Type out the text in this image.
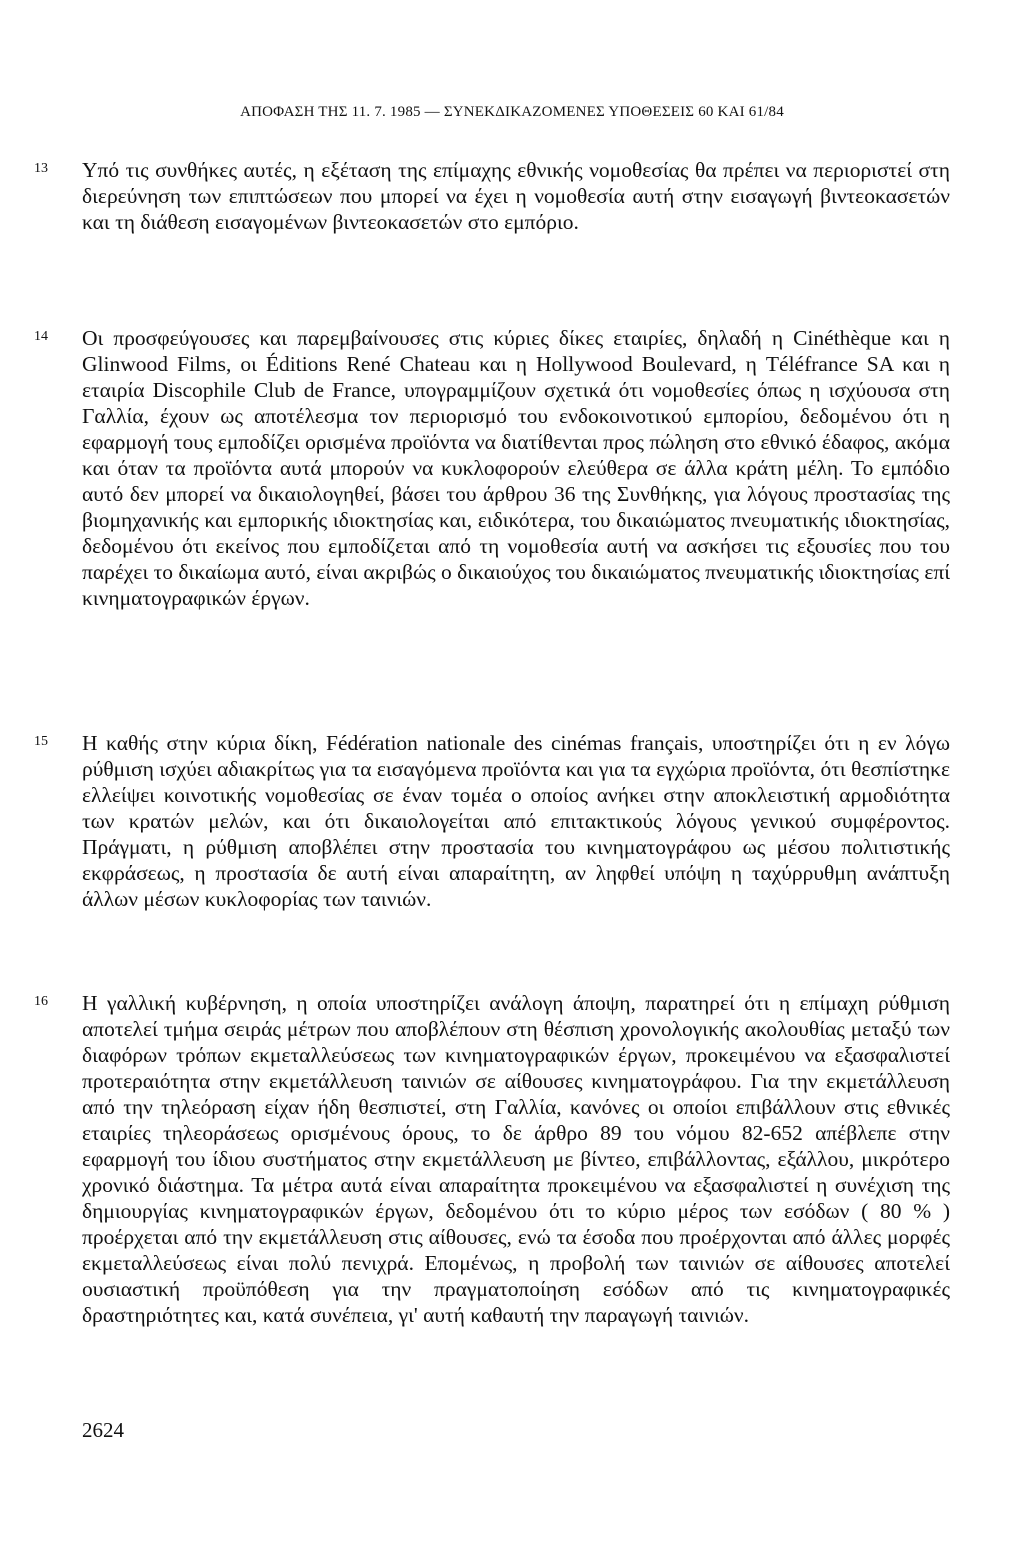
ΑΠΟΦΑΣΗ ΤΗΣ 11. 7. 1985 — ΣΥΝΕΚΔΙΚΑΖΟΜΕΝΕΣ ΥΠΟΘΕΣΕΙΣ 60 ΚΑΙ 61/84
13 Υπό τις συνθήκες αυτές, η εξέταση της επίμαχης εθνικής νομοθεσίας θα πρέπει να περιοριστεί στη διερεύνηση των επιπτώσεων που μπορεί να έχει η νομοθεσία αυτή στην εισαγωγή βιντεοκασετών και τη διάθεση εισαγομένων βιντεοκασετών στο εμπόριο.
14 Οι προσφεύγουσες και παρεμβαίνουσες στις κύριες δίκες εταιρίες, δηλαδή η Cinéthèque και η Glinwood Films, οι Éditions René Chateau και η Hollywood Boulevard, η Téléfrance SA και η εταιρία Discophile Club de France, υπογραμμίζουν σχετικά ότι νομοθεσίες όπως η ισχύουσα στη Γαλλία, έχουν ως αποτέλεσμα τον περιορισμό του ενδοκοινοτικού εμπορίου, δεδομένου ότι η εφαρμογή τους εμποδίζει ορισμένα προϊόντα να διατίθενται προς πώληση στο εθνικό έδαφος, ακόμα και όταν τα προϊόντα αυτά μπορούν να κυκλοφορούν ελεύθερα σε άλλα κράτη μέλη. Το εμπόδιο αυτό δεν μπορεί να δικαιολογηθεί, βάσει του άρθρου 36 της Συνθήκης, για λόγους προστασίας της βιομηχανικής και εμπορικής ιδιοκτησίας και, ειδικότερα, του δικαιώματος πνευματικής ιδιοκτησίας, δεδομένου ότι εκείνος που εμποδίζεται από τη νομοθεσία αυτή να ασκήσει τις εξουσίες που του παρέχει το δικαίωμα αυτό, είναι ακριβώς ο δικαιούχος του δικαιώματος πνευματικής ιδιοκτησίας επί κινηματογραφικών έργων.
15 Η καθής στην κύρια δίκη, Fédération nationale des cinémas français, υποστηρίζει ότι η εν λόγω ρύθμιση ισχύει αδιακρίτως για τα εισαγόμενα προϊόντα και για τα εγχώρια προϊόντα, ότι θεσπίστηκε ελλείψει κοινοτικής νομοθεσίας σε έναν τομέα ο οποίος ανήκει στην αποκλειστική αρμοδιότητα των κρατών μελών, και ότι δικαιολογείται από επιτακτικούς λόγους γενικού συμφέροντος. Πράγματι, η ρύθμιση αποβλέπει στην προστασία του κινηματογράφου ως μέσου πολιτιστικής εκφράσεως, η προστασία δε αυτή είναι απαραίτητη, αν ληφθεί υπόψη η ταχύρρυθμη ανάπτυξη άλλων μέσων κυκλοφορίας των ταινιών.
16 Η γαλλική κυβέρνηση, η οποία υποστηρίζει ανάλογη άποψη, παρατηρεί ότι η επίμαχη ρύθμιση αποτελεί τμήμα σειράς μέτρων που αποβλέπουν στη θέσπιση χρονολογικής ακολουθίας μεταξύ των διαφόρων τρόπων εκμεταλλεύσεως των κινηματογραφικών έργων, προκειμένου να εξασφαλιστεί προτεραιότητα στην εκμετάλλευση ταινιών σε αίθουσες κινηματογράφου. Για την εκμετάλλευση από την τηλεόραση είχαν ήδη θεσπιστεί, στη Γαλλία, κανόνες οι οποίοι επιβάλλουν στις εθνικές εταιρίες τηλεοράσεως ορισμένους όρους, το δε άρθρο 89 του νόμου 82-652 απέβλεπε στην εφαρμογή του ίδιου συστήματος στην εκμετάλλευση με βίντεο, επιβάλλοντας, εξάλλου, μικρότερο χρονικό διάστημα. Τα μέτρα αυτά είναι απαραίτητα προκειμένου να εξασφαλιστεί η συνέχιση της δημιουργίας κινηματογραφικών έργων, δεδομένου ότι το κύριο μέρος των εσόδων ( 80 % ) προέρχεται από την εκμετάλλευση στις αίθουσες, ενώ τα έσοδα που προέρχονται από άλλες μορφές εκμεταλλεύσεως είναι πολύ πενιχρά. Επομένως, η προβολή των ταινιών σε αίθουσες αποτελεί ουσιαστική προϋπόθεση για την πραγματοποίηση εσόδων από τις κινηματογραφικές δραστηριότητες και, κατά συνέπεια, γι' αυτή καθαυτή την παραγωγή ταινιών.
2624
